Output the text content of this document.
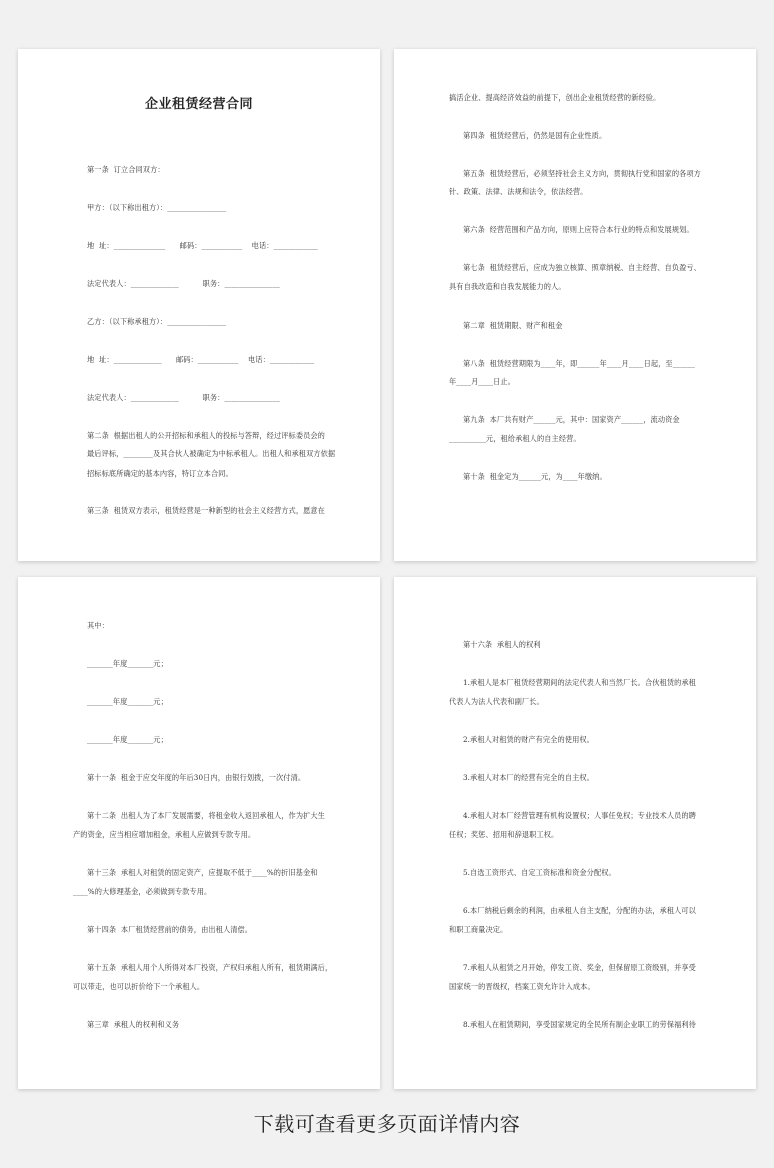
企业租赁经营合同
第一条  订立合同双方：
甲方：（以下称出租方）：________________
地  址：______________      邮码：___________    电话：____________
法定代表人：_____________          职务：_______________
乙方：（以下称承租方）：________________
地  址：_____________      邮码：___________    电话：____________
法定代表人：_____________          职务：_______________
第二条  根据出租人的公开招标和承租人的投标与答辩，经过评标委员会的
最后评标，________及其合伙人被确定为中标承租人。出租人和承租双方依据
招标标底所确定的基本内容，特订立本合同。
第三条  租赁双方表示，租赁经营是一种新型的社会主义经营方式，愿意在
搞活企业、提高经济效益的前提下，创出企业租赁经营的新经验。
第四条  租赁经营后，仍然是国有企业性质。
第五条  租赁经营后，必须坚持社会主义方向，贯彻执行党和国家的各项方
针、政策、法律、法规和法令，依法经营。
第六条  经营范围和产品方向，原则上应符合本行业的特点和发展规划。
第七条  租赁经营后，应成为独立核算、照章纳税、自主经营、自负盈亏、
具有自我改造和自我发展能力的人。
第二章  租赁期限、财产和租金
第八条  租赁经营期限为____年，即______年____月____日起，至______
年____月____日止。
第九条  本厂共有财产______元，其中：国家资产______，流动资金
__________元，租给承租人的自主经营。
第十条  租金定为______元，为____年缴纳。
其中：
_______年度_______元；
_______年度_______元；
_______年度_______元；
第十一条  租金于应交年度的年后30日内，由银行划拨，一次付清。
第十二条  出租人为了本厂发展需要，将租金收入返回承租人，作为扩大生
产的资金，应当相应增加租金，承租人应做到专款专用。
第十三条  承租人对租赁的固定资产，应提取不低于____%的折旧基金和
____%的大修理基金，必须做到专款专用。
第十四条  本厂租赁经营前的债务，由出租人清偿。
第十五条  承租人用个人所得对本厂投资，产权归承租人所有，租赁期满后，
可以带走，也可以折价给下一个承租人。
第三章  承租人的权利和义务
第十六条  承租人的权利
1.承租人是本厂租赁经营期间的法定代表人和当然厂长。合伙租赁的承租
代表人为法人代表和副厂长。
2.承租人对租赁的财产有完全的使用权。
3.承租人对本厂的经营有完全的自主权。
4.承租人对本厂经营管理有机构设置权；人事任免权；专业技术人员的聘
任权；奖惩、招用和辞退职工权。
5.自选工资形式、自定工资标准和资金分配权。
6.本厂纳税后剩余的利润，由承租人自主支配，分配的办法，承租人可以
和职工商量决定。
7.承租人从租赁之月开始，停发工资、奖金，但保留原工资级别，并享受
国家统一的晋级权，档案工资允许计入成本。
8.承租人在租赁期间，享受国家规定的全民所有制企业职工的劳保福利待
下载可查看更多页面详情内容
